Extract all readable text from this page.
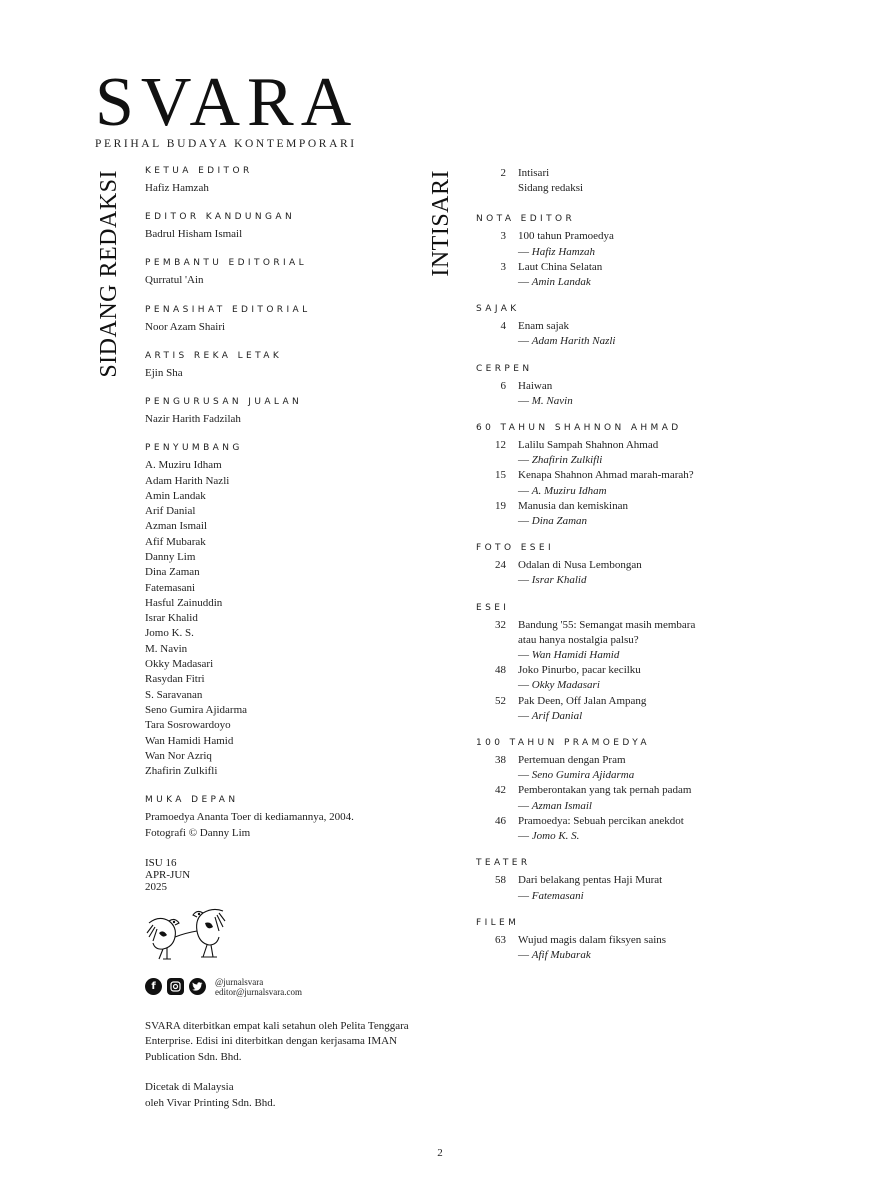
SVARA
PERIHAL BUDAYA KONTEMPORARI
SIDANG REDAKSI	INTISARI
KETUA EDITOR
Hafiz Hamzah
EDITOR KANDUNGAN
Badrul Hisham Ismail
PEMBANTU EDITORIAL
Qurratul 'Ain
PENASIHAT EDITORIAL
Noor Azam Shairi
ARTIS REKA LETAK
Ejin Sha
PENGURUSAN JUALAN
Nazir Harith Fadzilah
PENYUMBANG
A. Muziru Idham
Adam Harith Nazli
Amin Landak
Arif Danial
Azman Ismail
Afif Mubarak
Danny Lim
Dina Zaman
Fatemasani
Hasful Zainuddin
Israr Khalid
Jomo K. S.
M. Navin
Okky Madasari
Rasydan Fitri
S. Saravanan
Seno Gumira Ajidarma
Tara Sosrowardoyo
Wan Hamidi Hamid
Wan Nor Azriq
Zhafirin Zulkifli
MUKA DEPAN
Pramoedya Ananta Toer di kediamannya, 2004.
Fotografi © Danny Lim
ISU 16
APR-JUN
2025
f	@jurnalsvara
editor@jurnalsvara.com
SVARA diterbitkan empat kali setahun oleh Pelita Tenggara Enterprise. Edisi ini diterbitkan dengan kerjasama IMAN Publication Sdn. Bhd.
Dicetak di Malaysia
oleh Vivar Printing Sdn. Bhd.
2 Intisari
Sidang redaksi
NOTA EDITOR
3 100 tahun Pramoedya
— Hafiz Hamzah
3 Laut China Selatan
— Amin Landak
SAJAK
4 Enam sajak
— Adam Harith Nazli
CERPEN
6 Haiwan
— M. Navin
60 TAHUN SHAHNON AHMAD
12 Lalilu Sampah Shahnon Ahmad
— Zhafirin Zulkifli
15 Kenapa Shahnon Ahmad marah-marah?
— A. Muziru Idham
19 Manusia dan kemiskinan
— Dina Zaman
FOTO ESEI
24 Odalan di Nusa Lembongan
— Israr Khalid
ESEI
32 Bandung '55: Semangat masih membara
atau hanya nostalgia palsu?
— Wan Hamidi Hamid
48 Joko Pinurbo, pacar kecilku
— Okky Madasari
52 Pak Deen, Off Jalan Ampang
— Arif Danial
100 TAHUN PRAMOEDYA
38 Pertemuan dengan Pram
— Seno Gumira Ajidarma
42 Pemberontakan yang tak pernah padam
— Azman Ismail
46 Pramoedya: Sebuah percikan anekdot
— Jomo K. S.
TEATER
58 Dari belakang pentas Haji Murat
— Fatemasani
FILEM
63 Wujud magis dalam fiksyen sains
— Afif Mubarak
2
